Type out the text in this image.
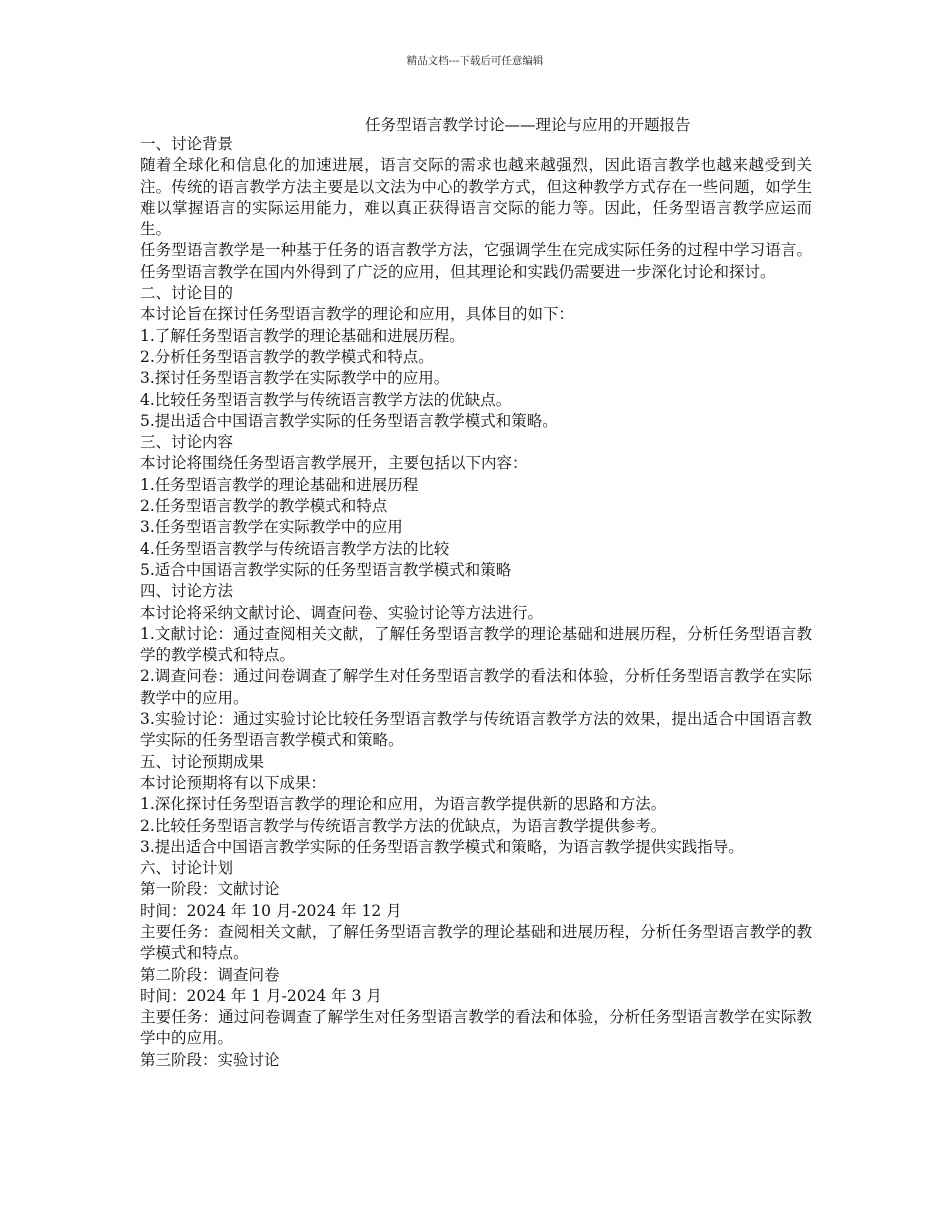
精品文档---下载后可任意编辑
任务型语言教学讨论——理论与应用的开题报告

一、讨论背景

随着全球化和信息化的加速进展，语言交际的需求也越来越强烈，因此语言教学也越来越受到关注。传统的语言教学方法主要是以文法为中心的教学方式，但这种教学方式存在一些问题，如学生难以掌握语言的实际运用能力，难以真正获得语言交际的能力等。因此，任务型语言教学应运而生。

任务型语言教学是一种基于任务的语言教学方法，它强调学生在完成实际任务的过程中学习语言。任务型语言教学在国内外得到了广泛的应用，但其理论和实践仍需要进一步深化讨论和探讨。

二、讨论目的

本讨论旨在探讨任务型语言教学的理论和应用，具体目的如下：

1.了解任务型语言教学的理论基础和进展历程。

2.分析任务型语言教学的教学模式和特点。

3.探讨任务型语言教学在实际教学中的应用。

4.比较任务型语言教学与传统语言教学方法的优缺点。

5.提出适合中国语言教学实际的任务型语言教学模式和策略。

三、讨论内容

本讨论将围绕任务型语言教学展开，主要包括以下内容：

1.任务型语言教学的理论基础和进展历程

2.任务型语言教学的教学模式和特点

3.任务型语言教学在实际教学中的应用

4.任务型语言教学与传统语言教学方法的比较

5.适合中国语言教学实际的任务型语言教学模式和策略

四、讨论方法

本讨论将采纳文献讨论、调查问卷、实验讨论等方法进行。

1.文献讨论：通过查阅相关文献，了解任务型语言教学的理论基础和进展历程，分析任务型语言教学的教学模式和特点。

2.调查问卷：通过问卷调查了解学生对任务型语言教学的看法和体验，分析任务型语言教学在实际教学中的应用。

3.实验讨论：通过实验讨论比较任务型语言教学与传统语言教学方法的效果，提出适合中国语言教学实际的任务型语言教学模式和策略。

五、讨论预期成果

本讨论预期将有以下成果：

1.深化探讨任务型语言教学的理论和应用，为语言教学提供新的思路和方法。

2.比较任务型语言教学与传统语言教学方法的优缺点，为语言教学提供参考。

3.提出适合中国语言教学实际的任务型语言教学模式和策略，为语言教学提供实践指导。

六、讨论计划

第一阶段：文献讨论

时间：2024 年 10 月-2024 年 12 月

主要任务：查阅相关文献，了解任务型语言教学的理论基础和进展历程，分析任务型语言教学的教学模式和特点。

第二阶段：调查问卷

时间：2024 年 1 月-2024 年 3 月

主要任务：通过问卷调查了解学生对任务型语言教学的看法和体验，分析任务型语言教学在实际教学中的应用。

第三阶段：实验讨论
